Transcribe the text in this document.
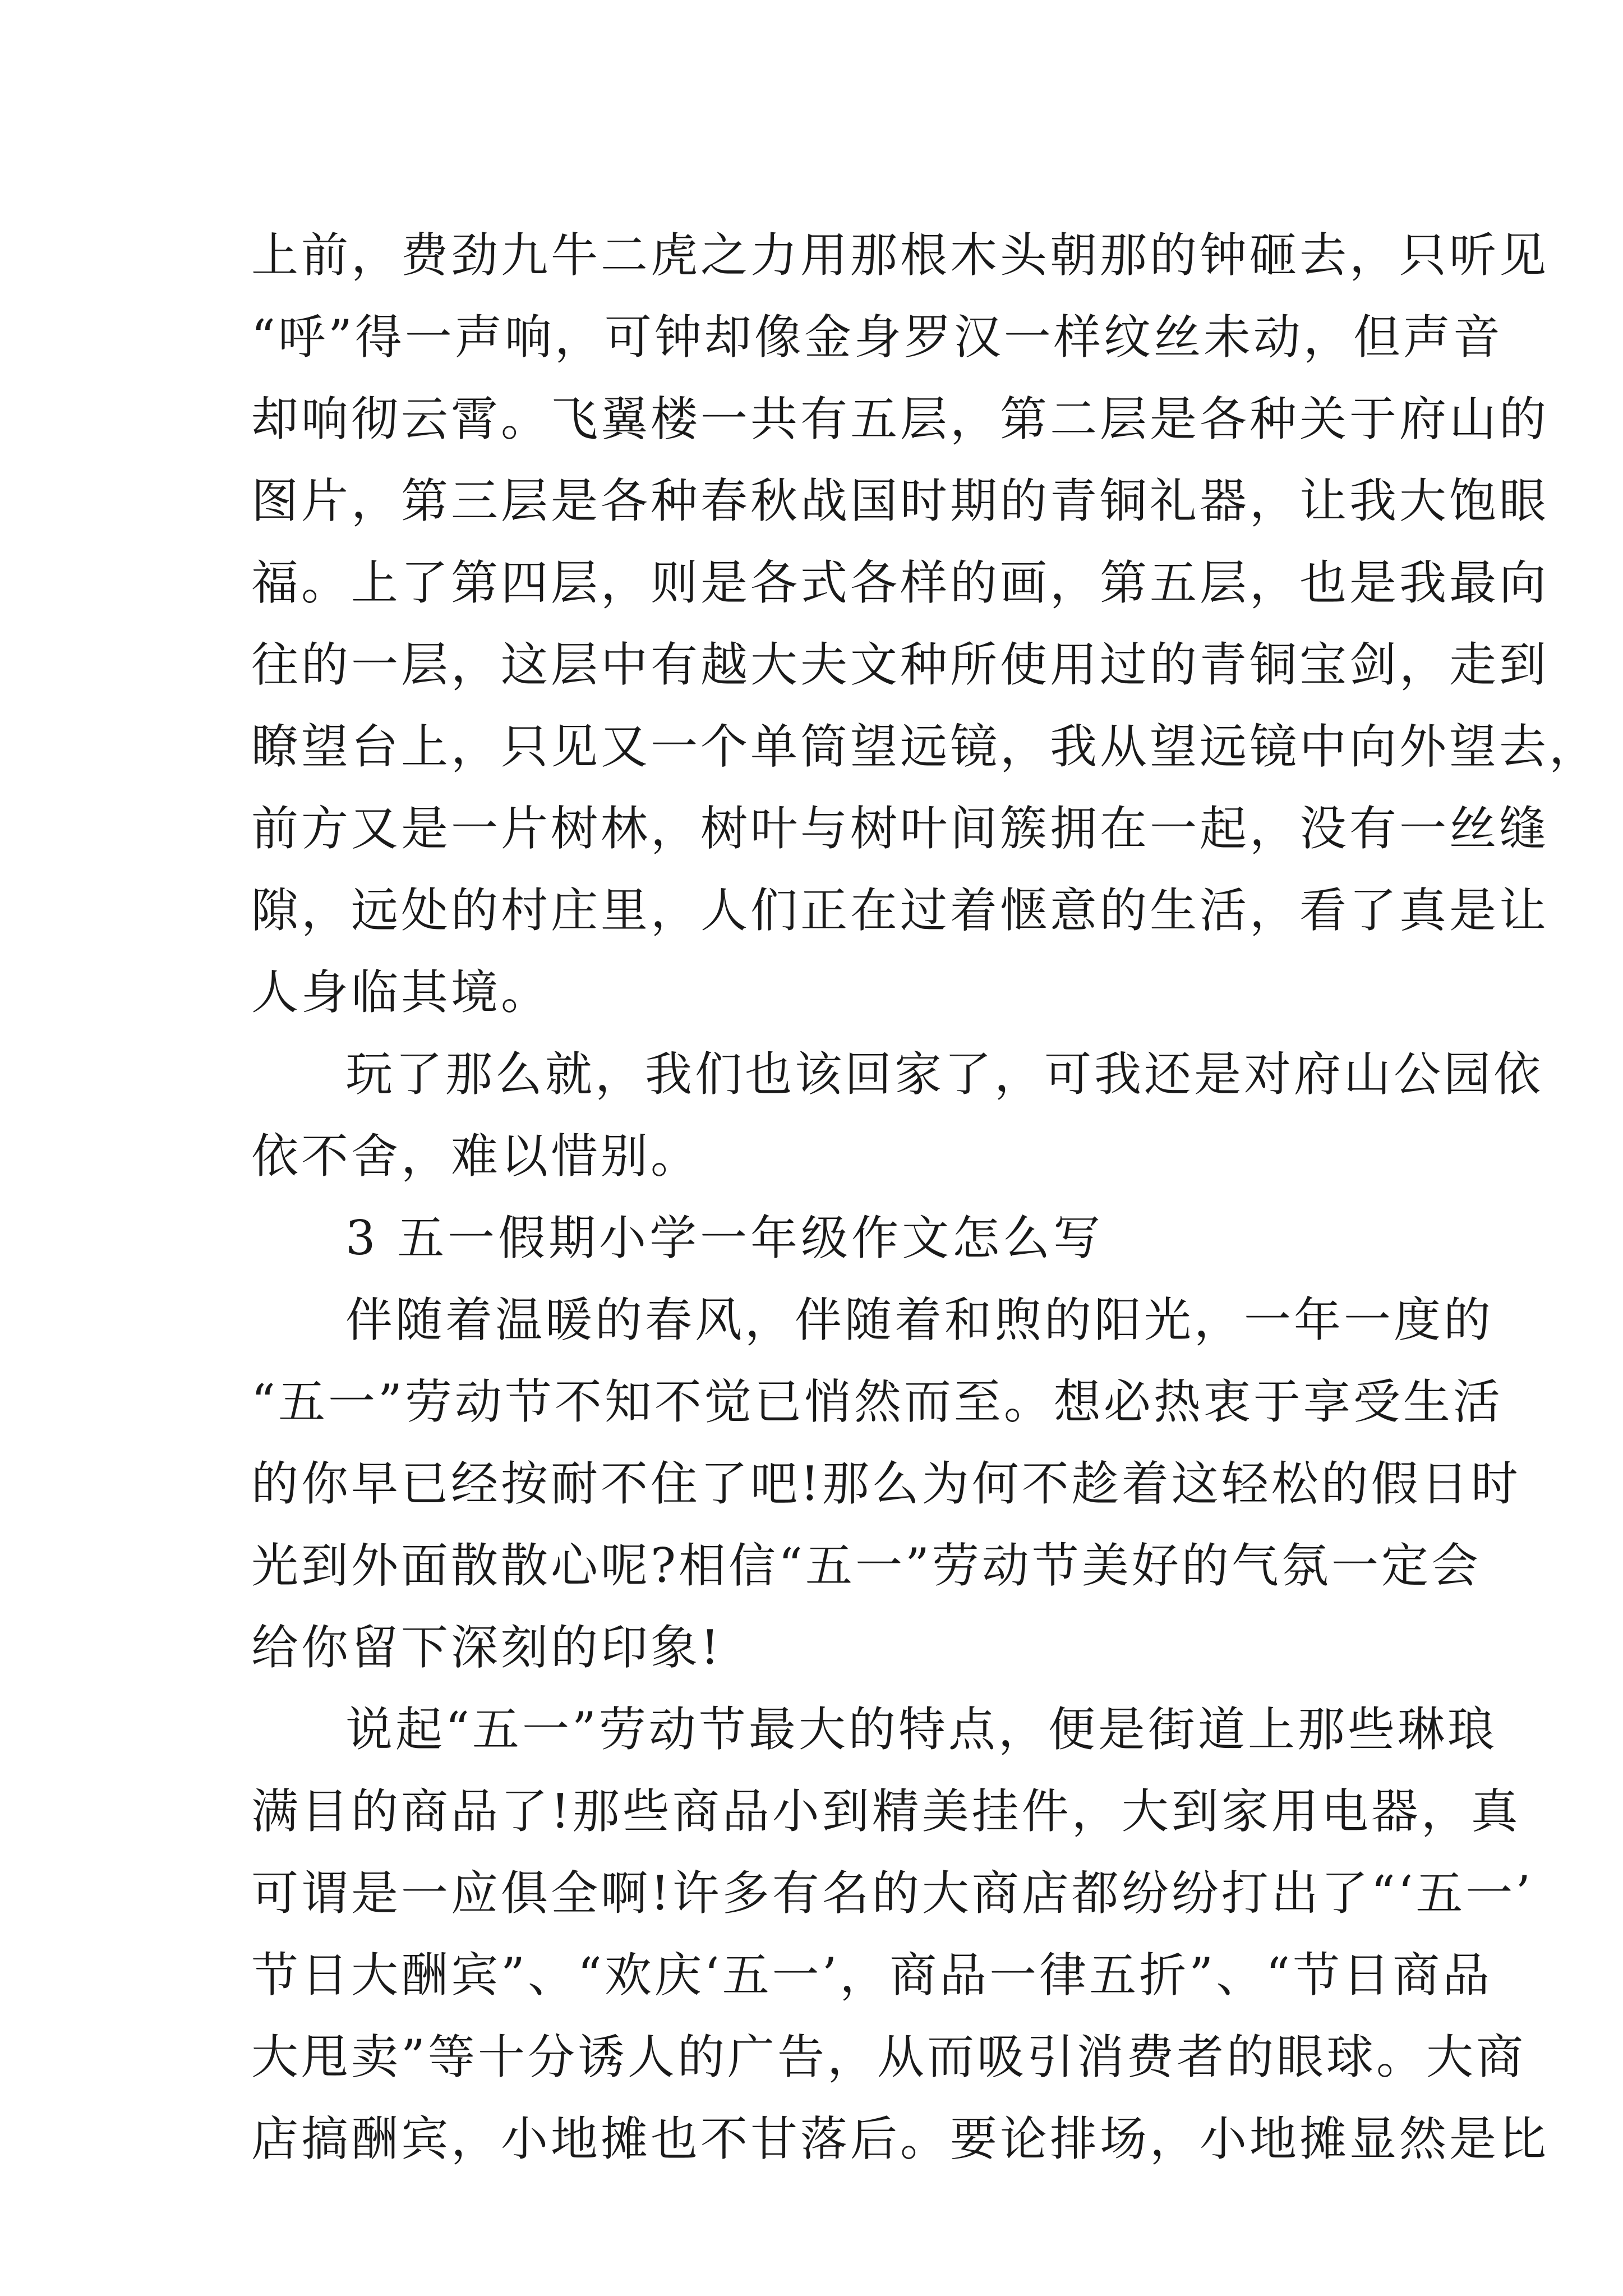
上前，费劲九牛二虎之力用那根木头朝那的钟砸去，只听见
“呼”得一声响，可钟却像金身罗汉一样纹丝未动，但声音
却响彻云霄。飞翼楼一共有五层，第二层是各种关于府山的
图片，第三层是各种春秋战国时期的青铜礼器，让我大饱眼
福。上了第四层，则是各式各样的画，第五层，也是我最向
往的一层，这层中有越大夫文种所使用过的青铜宝剑，走到
瞭望台上，只见又一个单筒望远镜，我从望远镜中向外望去，
前方又是一片树林，树叶与树叶间簇拥在一起，没有一丝缝
隙，远处的村庄里，人们正在过着惬意的生活，看了真是让
人身临其境。
玩了那么就，我们也该回家了，可我还是对府山公园依
依不舍，难以惜别。
3 五一假期小学一年级作文怎么写
伴随着温暖的春风，伴随着和煦的阳光，一年一度的
“五一”劳动节不知不觉已悄然而至。想必热衷于享受生活
的你早已经按耐不住了吧!那么为何不趁着这轻松的假日时
光到外面散散心呢?相信“五一”劳动节美好的气氛一定会
给你留下深刻的印象!
说起“五一”劳动节最大的特点，便是街道上那些琳琅
满目的商品了!那些商品小到精美挂件，大到家用电器，真
可谓是一应俱全啊!许多有名的大商店都纷纷打出了“‘五一’
节日大酬宾”、“欢庆‘五一’，商品一律五折”、“节日商品
大甩卖”等十分诱人的广告，从而吸引消费者的眼球。大商
店搞酬宾，小地摊也不甘落后。要论排场，小地摊显然是比
